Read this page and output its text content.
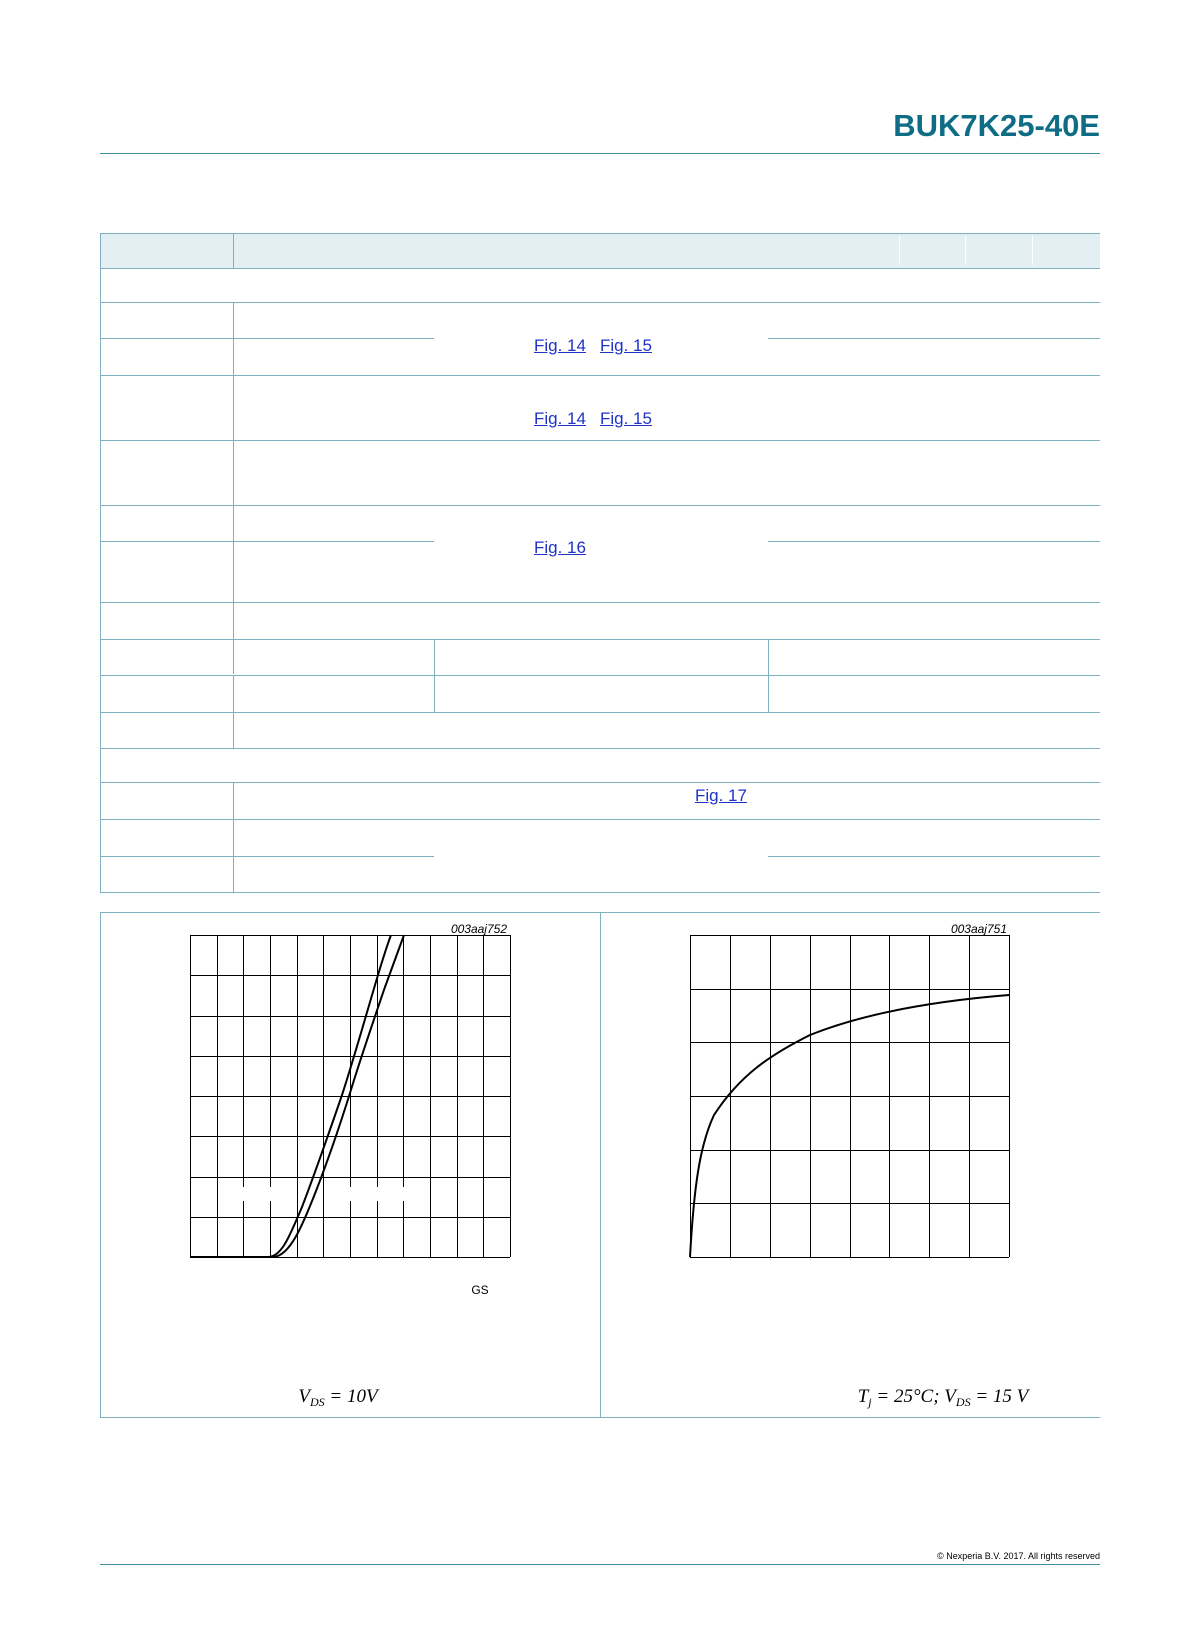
BUK7K25-40E
Fig. 14 Fig. 15
Fig. 14 Fig. 15
Fig. 16
Fig. 17
003aaj752
GS
$V_{DS} = 10V$
003aaj751
$T_j = 25^\circ C$; $V_{DS} = 15$ V
© Nexperia B.V. 2017. All rights reserved
